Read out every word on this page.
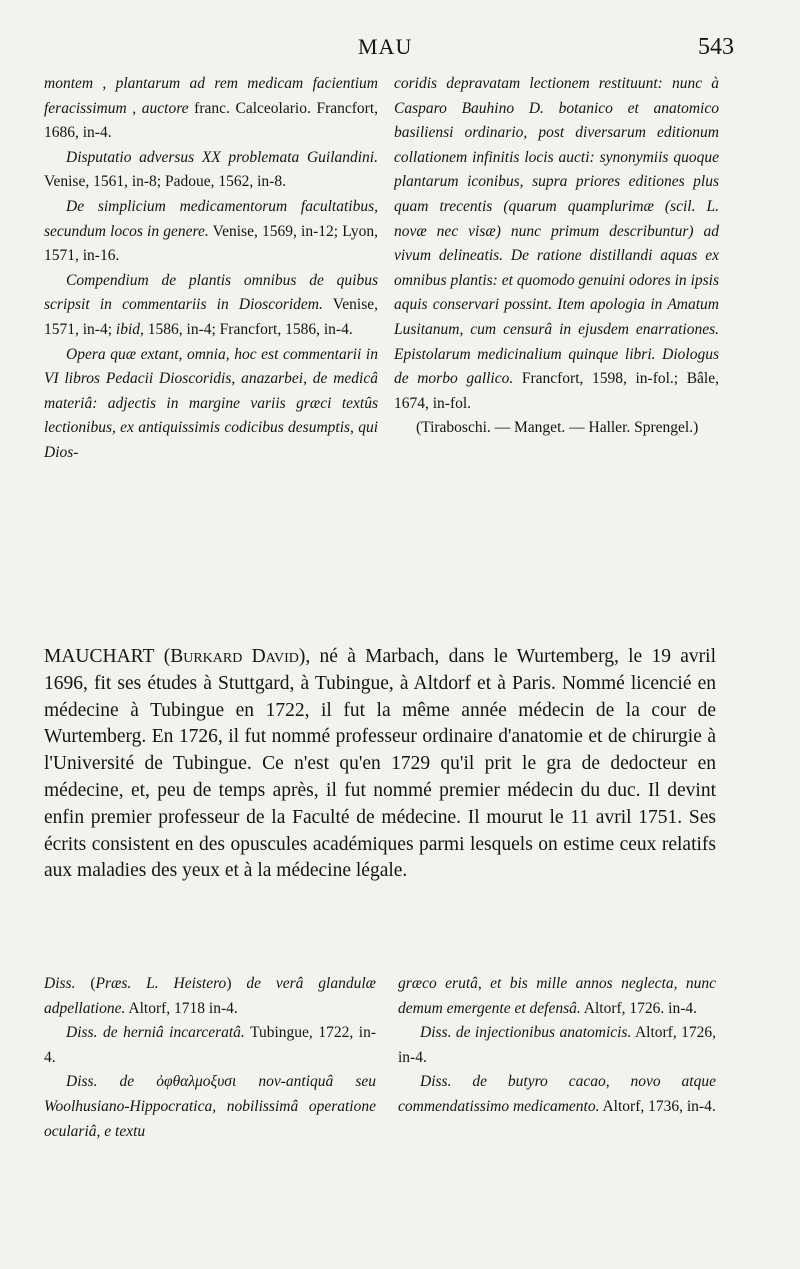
MAU	543

montem , plantarum ad rem medicam facientium feracissimum , auctore franc. Calceolario. Francfort, 1686, in-4.

Disputatio adversus XX problemata Guilandini. Venise, 1561, in-8; Padoue, 1562, in-8.

De simplicium medicamentorum facultatibus, secundum locos in genere. Venise, 1569, in-12; Lyon, 1571, in-16.

Compendium de plantis omnibus de quibus scripsit in commentariis in Dioscoridem. Venise, 1571, in-4; ibid, 1586, in-4; Francfort, 1586, in-4.

Opera quæ extant, omnia, hoc est commentarii in VI libros Pedacii Dioscoridis, anazarbei, de medicâ materiâ: adjectis in margine variis græci textûs lectionibus, ex antiquissimis codicibus desumptis, qui Dios-

coridis depravatam lectionem restituunt: nunc à Casparo Bauhino D. botanico et anatomico basiliensi ordinario, post diversarum editionum collationem infinitis locis aucti: synonymiis quoque plantarum iconibus, supra priores editiones plus quam trecentis (quarum quamplurimæ (scil. L. novæ nec visæ) nunc primum describuntur) ad vivum delineatis. De ratione distillandi aquas ex omnibus plantis: et quomodo genuini odores in ipsis aquis conservari possint. Item apologia in Amatum Lusitanum, cum censurâ in ejusdem enarrationes. Epistolarum medicinalium quinque libri. Diologus de morbo gallico. Francfort, 1598, in-fol.; Bâle, 1674, in-fol.

(Tiraboschi. — Manget. — Haller. Sprengel.)

MAUCHART (Burkard David), né à Marbach, dans le Wurtemberg, le 19 avril 1696, fit ses études à Stuttgard, à Tubingue, à Altdorf et à Paris. Nommé licencié en médecine à Tubingue en 1722, il fut la même année médecin de la cour de Wurtemberg. En 1726, il fut nommé professeur ordinaire d'anatomie et de chirurgie à l'Université de Tubingue. Ce n'est qu'en 1729 qu'il prit le gra de dedocteur en médecine, et, peu de temps après, il fut nommé premier médecin du duc. Il devint enfin premier professeur de la Faculté de médecine. Il mourut le 11 avril 1751. Ses écrits consistent en des opuscules académiques parmi lesquels on estime ceux relatifs aux maladies des yeux et à la médecine légale.

Diss. (Præs. L. Heistero) de verâ glandulæ adpellatione. Altorf, 1718 in-4.

Diss. de herniâ incarceratâ. Tubingue, 1722, in-4.

Diss. de ὀφθαλμοξυσι nov-antiquâ seu Woolhusiano-Hippocratica, nobilissimâ operatione oculariâ, e textu

græco erutâ, et bis mille annos neglecta, nunc demum emergente et defensâ. Altorf, 1726. in-4.

Diss. de injectionibus anatomicis. Altorf, 1726, in-4.

Diss. de butyro cacao, novo atque commendatissimo medicamento. Altorf, 1736, in-4.
